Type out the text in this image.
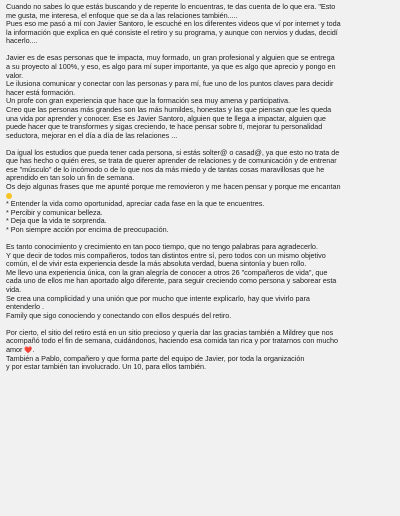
Cuando no sabes lo que estás buscando y de repente lo encuentras, te das cuenta de lo que era. "Esto
me gusta, me interesa, el enfoque que se da a las relaciones también.....
Pues eso me pasó a mí con Javier Santoro, le escuché en los diferentes videos que ví por internet y toda
la información que explica en qué consiste el retiro y su programa, y aunque con nervios y dudas, decidí
hacerlo....
Javier es de esas personas que te impacta, muy formado, un gran profesional y alguien que se entrega
a su proyecto al 100%, y eso, es algo para mí super importante, ya que es algo que aprecio y pongo en
valor.
Le ilusiona comunicar y conectar con las personas y para mí, fue uno de los puntos claves para decidir
hacer está formación.
Un profe con gran experiencia que hace que la formación sea muy amena y participativa.
Creo que las personas más grandes son las más humildes, honestas y las que piensan que les queda
una vida por aprender y conocer. Ese es Javier Santoro, alguien que te llega a impactar, alguien que
puede hacer que te transformes y sigas creciendo, te hace pensar sobre tí, mejorar tu personalidad
seductora, mejorar en el día a día de las relaciones ...
Da igual los estudios que pueda tener cada persona, si estás solter@ o casad@, ya que esto no trata de
que has hecho o quién eres, se trata de querer aprender de relaciones y de comunicación y de entrenar
ese "músculo" de lo incómodo o de lo que nos da más miedo y de tantas cosas maravillosas que he
aprendido en tan solo un fin de semana.
Os dejo algunas frases que me apunté porque me removieron y me hacen pensar y porque me encantan
* Entender la vida como oportunidad, apreciar cada fase en la que te encuentres.
* Percibir y comunicar belleza.
* Deja que la vida te sorprenda.
* Pon siempre acción por encima de preocupación.
Es tanto conocimiento y crecimiento en tan poco tiempo, que no tengo palabras para agradecerlo.
Y que decir de todos mis compañeros, todos tan distintos entre sí, pero todos con un mismo objetivo
común, el de vivir esta experiencia desde la más absoluta verdad, buena sintonía y buen rollo.
Me llevo una experiencia única, con la gran alegría de conocer a otros 26 "compañeros de vida", que
cada uno de ellos me han aportado algo diferente, para seguir creciendo como persona y saborear esta
vida.
Se crea una complicidad y una unión que por mucho que intente explicarlo, hay que vivirlo para
entenderlo .
Family que sigo conociendo y conectando con ellos después del retiro.
Por cierto, el sitio del retiro está en un sitio precioso y quería dar las gracias también a Mildrey que nos
acompañó todo el fin de semana, cuidándonos, haciendo esa comida tan rica y por tratarnos con mucho
amor ❤️.
También a Pablo, compañero y que forma parte del equipo de Javier, por toda la organización
y por estar también tan involucrado. Un 10, para ellos también.
